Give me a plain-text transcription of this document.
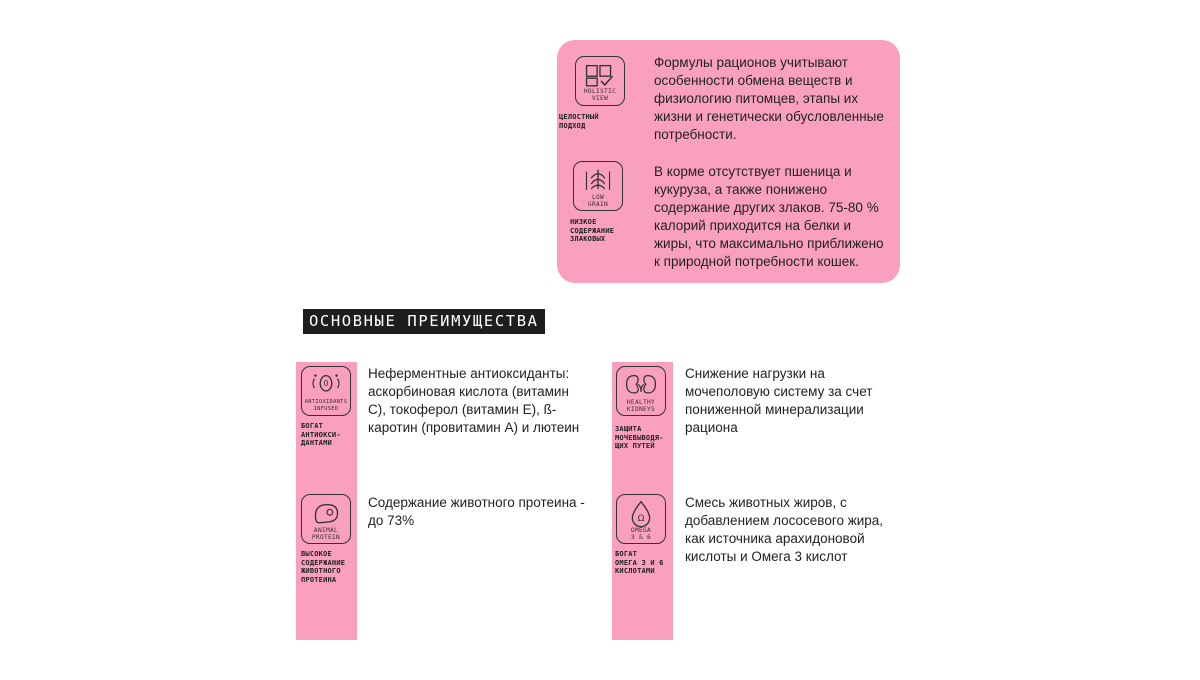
HOLISTIC
VIEW
ЦЕЛОСТНЫЙ
ПОДХОД

Формулы рационов учитывают особенности обмена веществ и физиологию питомцев, этапы их жизни и генетически обусловленные потребности.

LOW
GRAIN
НИЗКОЕ
СОДЕРЖАНИЕ
ЗЛАКОВЫХ

В корме отсутствует пшеница и кукуруза, а также понижено содержание других злаков. 75-80 % калорий приходится на белки и жиры, что максимально приближено к природной потребности кошек.

ОСНОВНЫЕ ПРЕИМУЩЕСТВА
O
ANTIOXIDANTS
INFUSED
БОГАТ
АНТИОКСИ-
ДАНТАМИ

Неферментные антиоксиданты: аскорбиновая кислота (витамин С), токоферол (витамин Е), ß-каротин (провитамин А) и лютеин

ANIMAL
PROTEIN
ВЫСОКОЕ
СОДЕРЖАНИЕ
ЖИВОТНОГО
ПРОТЕИНА

Содержание животного протеина - до 73%

HEALTHY
KIDNEYS
ЗАЩИТА
МОЧЕВЫВОДЯ-
ЩИХ ПУТЕЙ

Снижение нагрузки на мочеполовую систему за счет пониженной минерализации рациона

Ω
OMEGA
3 & 6
БОГАТ
ОМЕГА 3 И 6
КИСЛОТАМИ

Смесь животных жиров, с добавлением лососевого жира, как источника арахидоновой кислоты и Омега 3 кислот
